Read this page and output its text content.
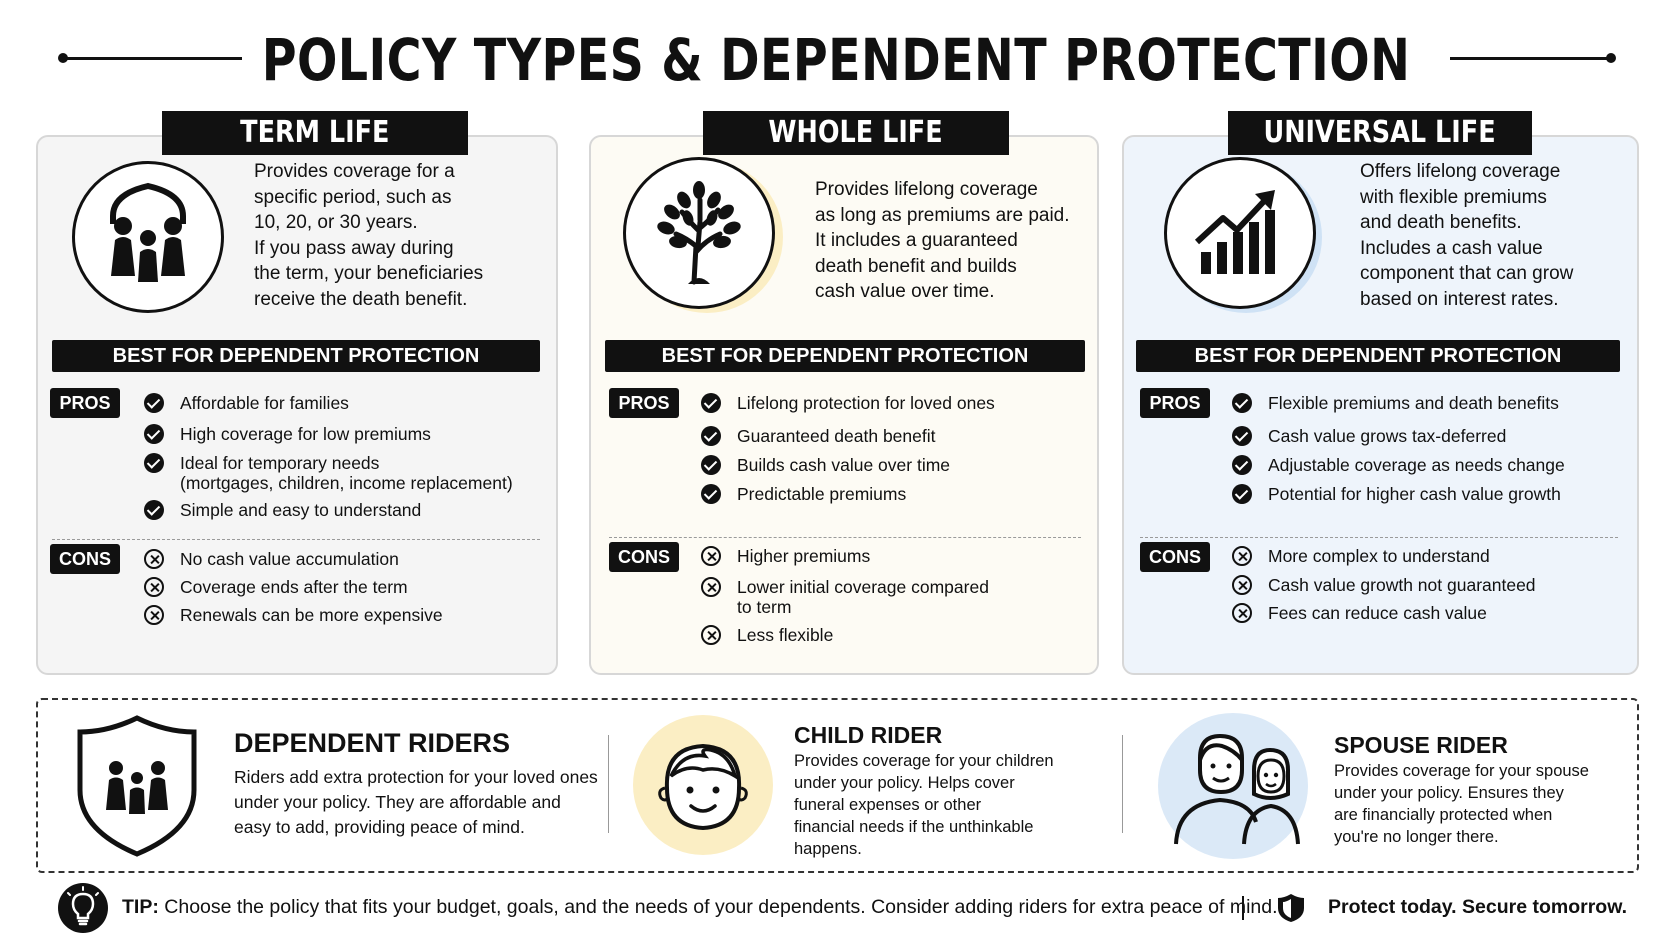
POLICY TYPES & DEPENDENT PROTECTION
TERM LIFE
Provides coverage for a
specific period, such as
10, 20, or 30 years.
If you pass away during
the term, your beneficiaries
receive the death benefit.
BEST FOR DEPENDENT PROTECTION
PROS	Affordable for families
High coverage for low premiums
Ideal for temporary needs
(mortgages, children, income replacement)
Simple and easy to understand
CONS	No cash value accumulation
Coverage ends after the term
Renewals can be more expensive
WHOLE LIFE
Provides lifelong coverage
as long as premiums are paid.
It includes a guaranteed
death benefit and builds
cash value over time.
BEST FOR DEPENDENT PROTECTION
PROS	Lifelong protection for loved ones
Guaranteed death benefit
Builds cash value over time
Predictable premiums
CONS	Higher premiums
Lower initial coverage compared
to term
Less flexible
UNIVERSAL LIFE
Offers lifelong coverage
with flexible premiums
and death benefits.
Includes a cash value
component that can grow
based on interest rates.
BEST FOR DEPENDENT PROTECTION
PROS	Flexible premiums and death benefits
Cash value grows tax-deferred
Adjustable coverage as needs change
Potential for higher cash value growth
CONS	More complex to understand
Cash value growth not guaranteed
Fees can reduce cash value
DEPENDENT RIDERS
Riders add extra protection for your loved ones
under your policy. They are affordable and
easy to add, providing peace of mind.
CHILD RIDER
Provides coverage for your children
under your policy. Helps cover
funeral expenses or other
financial needs if the unthinkable
happens.
SPOUSE RIDER
Provides coverage for your spouse
under your policy. Ensures they
are financially protected when
you're no longer there.
TIP: Choose the policy that fits your budget, goals, and the needs of your dependents. Consider adding riders for extra peace of mind.	Protect today. Secure tomorrow.
